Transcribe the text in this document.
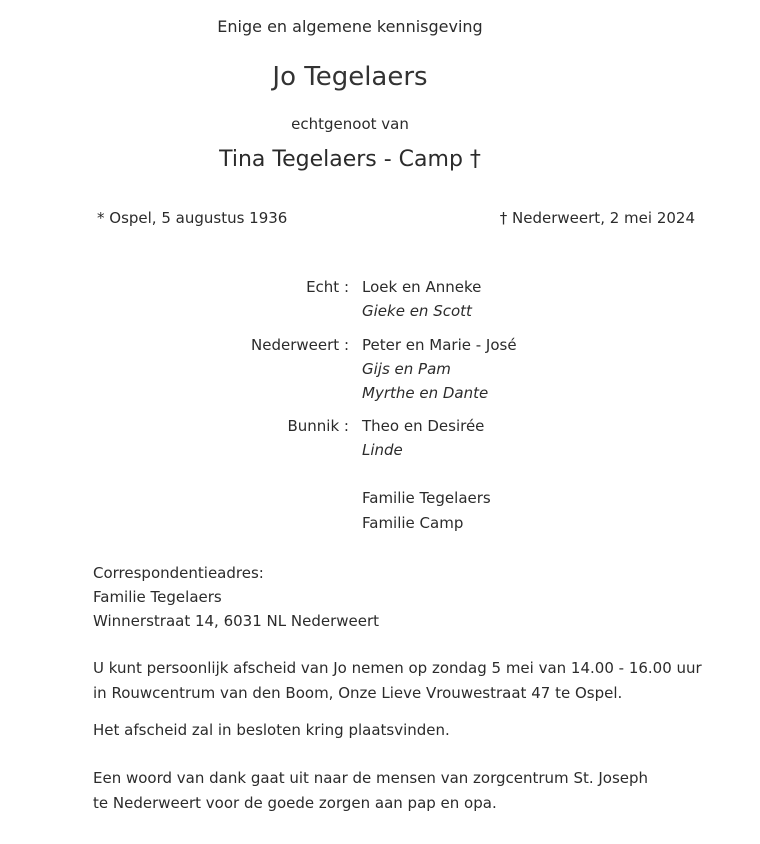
Enige en algemene kennisgeving
Jo Tegelaers
echtgenoot van
Tina Tegelaers - Camp †
* Ospel, 5 augustus 1936	† Nederweert, 2 mei 2024
Echt : Loek en Anneke
Gieke en Scott
Nederweert : Peter en Marie - José
Gijs en Pam
Myrthe en Dante
Bunnik : Theo en Desirée
Linde
Familie Tegelaers
Familie Camp
Correspondentieadres:
Familie Tegelaers
Winnerstraat 14, 6031 NL Nederweert
U kunt persoonlijk afscheid van Jo nemen op zondag 5 mei van 14.00 - 16.00 uur
in Rouwcentrum van den Boom, Onze Lieve Vrouwestraat 47 te Ospel.
Het afscheid zal in besloten kring plaatsvinden.
Een woord van dank gaat uit naar de mensen van zorgcentrum St. Joseph
te Nederweert voor de goede zorgen aan pap en opa.
